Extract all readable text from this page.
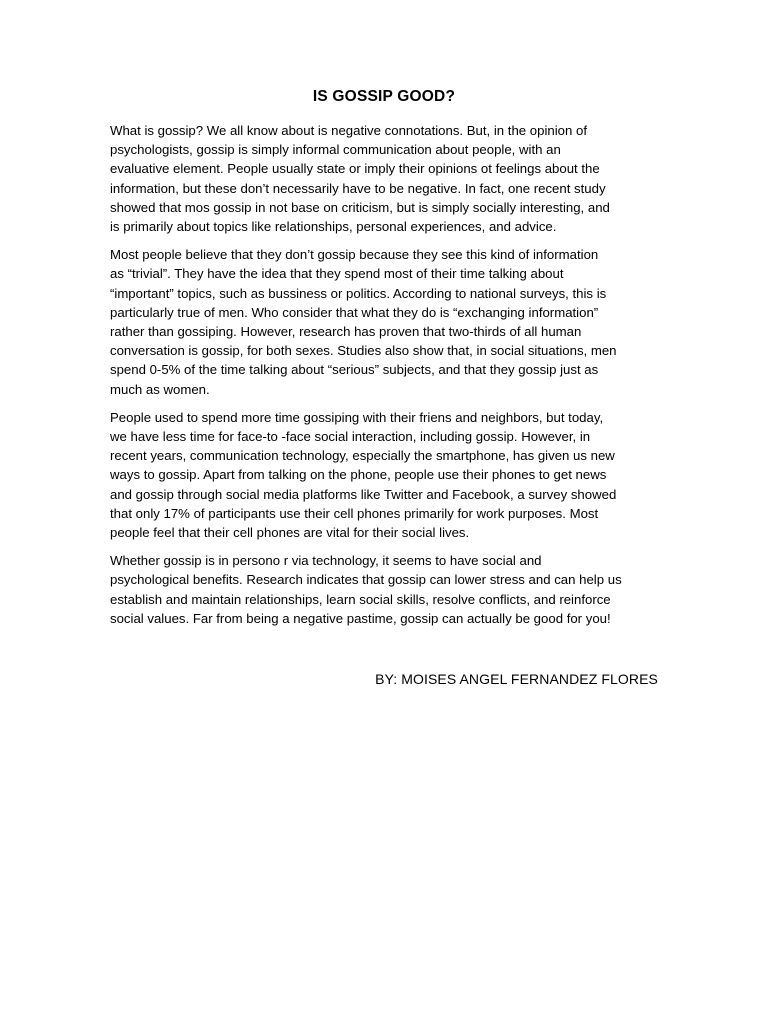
IS GOSSIP GOOD?

What is gossip? We all know about is negative connotations. But, in the opinion of
psychologists, gossip is simply informal communication about people, with an
evaluative element. People usually state or imply their opinions ot feelings about the
information, but these don’t necessarily have to be negative. In fact, one recent study
showed that mos gossip in not base on criticism, but is simply socially interesting, and
is primarily about topics like relationships, personal experiences, and advice.

Most people believe that they don’t gossip because they see this kind of information
as “trivial”. They have the idea that they spend most of their time talking about
“important” topics, such as bussiness or politics. According to national surveys, this is
particularly true of men. Who consider that what they do is “exchanging information”
rather than gossiping. However, research has proven that two-thirds of all human
conversation is gossip, for both sexes. Studies also show that, in social situations, men
spend 0-5% of the time talking about “serious” subjects, and that they gossip just as
much as women.

People used to spend more time gossiping with their friens and neighbors, but today,
we have less time for face-to -face social interaction, including gossip. However, in
recent years, communication technology, especially the smartphone, has given us new
ways to gossip. Apart from talking on the phone, people use their phones to get news
and gossip through social media platforms like Twitter and Facebook, a survey showed
that only 17% of participants use their cell phones primarily for work purposes. Most
people feel that their cell phones are vital for their social lives.

Whether gossip is in persono r via technology, it seems to have social and
psychological benefits. Research indicates that gossip can lower stress and can help us
establish and maintain relationships, learn social skills, resolve conflicts, and reinforce
social values. Far from being a negative pastime, gossip can actually be good for you!

BY: MOISES ANGEL FERNANDEZ FLORES
